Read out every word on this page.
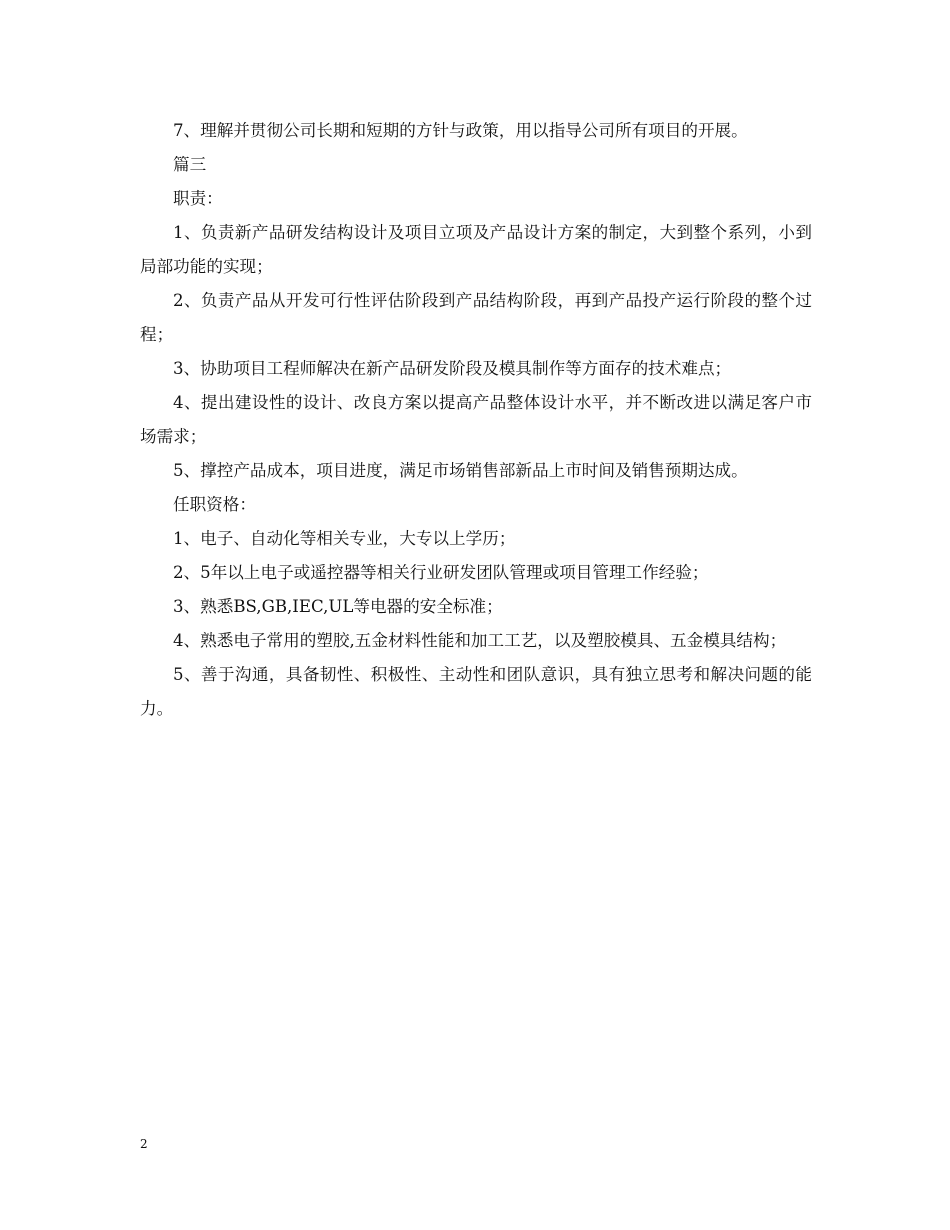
7、理解并贯彻公司长期和短期的方针与政策，用以指导公司所有项目的开展。

篇三

职责：

1、负责新产品研发结构设计及项目立项及产品设计方案的制定，大到整个系列，小到局部功能的实现；

2、负责产品从开发可行性评估阶段到产品结构阶段，再到产品投产运行阶段的整个过程；

3、协助项目工程师解决在新产品研发阶段及模具制作等方面存的技术难点；

4、提出建设性的设计、改良方案以提高产品整体设计水平，并不断改进以满足客户市场需求；

5、撑控产品成本，项目进度，满足市场销售部新品上市时间及销售预期达成。

任职资格：

1、电子、自动化等相关专业，大专以上学历；

2、5年以上电子或遥控器等相关行业研发团队管理或项目管理工作经验；

3、熟悉BS,GB,IEC,UL等电器的安全标准；

4、熟悉电子常用的塑胶,五金材料性能和加工工艺，以及塑胶模具、五金模具结构；

5、善于沟通，具备韧性、积极性、主动性和团队意识，具有独立思考和解决问题的能力。

2
